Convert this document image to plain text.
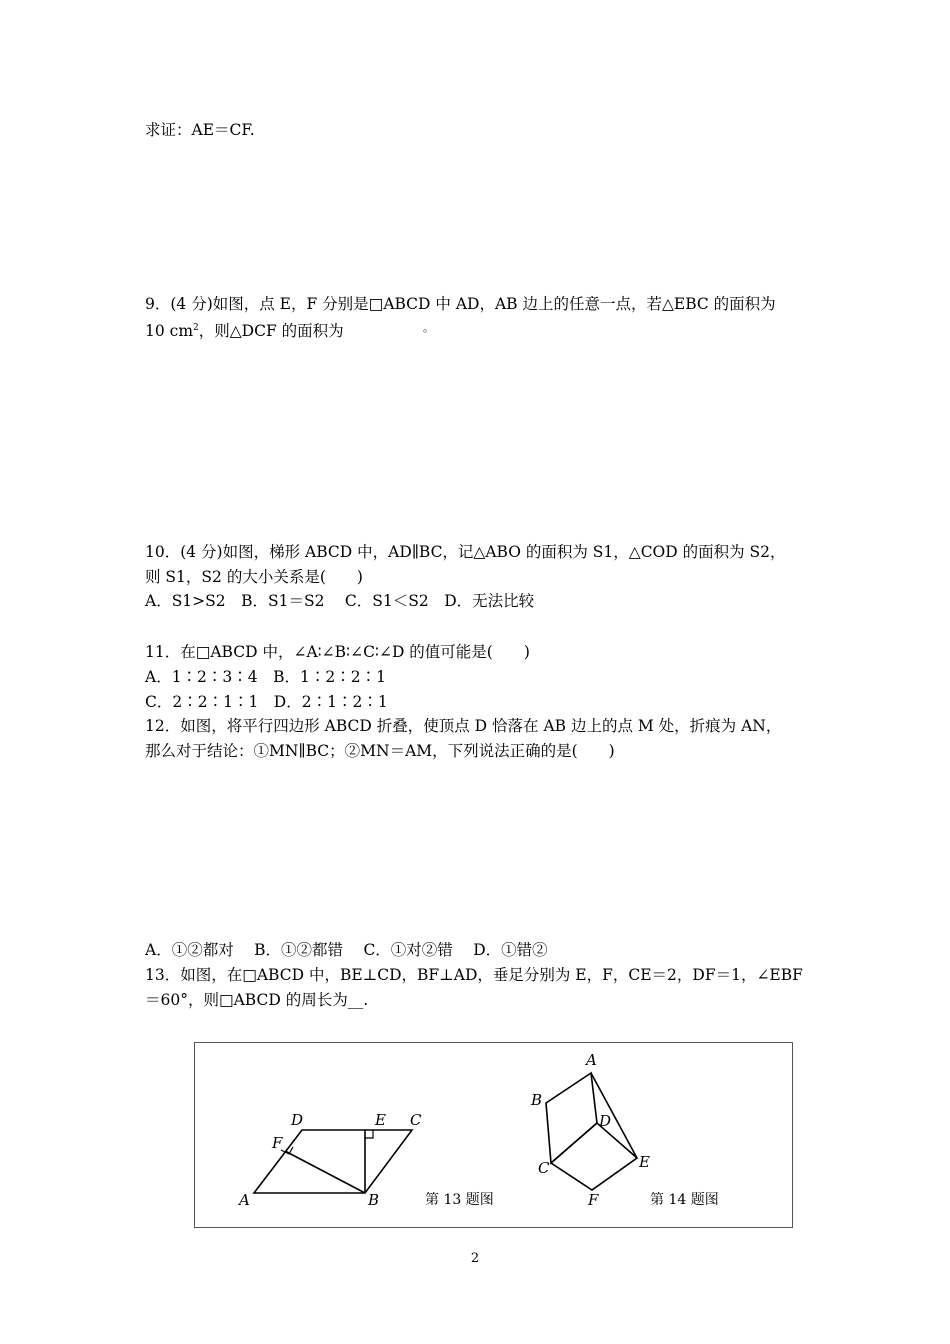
求证：AE＝CF.
9．(4 分)如图，点 E，F 分别是□ABCD 中 AD，AB 边上的任意一点，若△EBC 的面积为
10 $cm^2$，则△DCF 的面积为	。
10．(4 分)如图，梯形 ABCD 中，AD∥BC，记△ABO 的面积为 S1，△COD 的面积为 S2，
则 S1，S2 的大小关系是(　　)
A．S1>S2　B．S1＝S2　 C．S1＜S2　D．无法比较
11．在□ABCD 中，∠A∶∠B∶∠C∶∠D 的值可能是(　　)
A．1∶2∶3∶4　B．1∶2∶2∶1
C．2∶2∶1∶1　D．2∶1∶2∶1
12．如图，将平行四边形 ABCD 折叠，使顶点 D 恰落在 AB 边上的点 M 处，折痕为 AN，
那么对于结论：①MN∥BC；②MN＝AM，下列说法正确的是(　　)
A．①②都对　 B．①②都错　 C．①对②错　 D．①错②
13．如图，在□ABCD 中，BE⊥CD，BF⊥AD，垂足分别为 E，F，CE＝2，DF＝1，∠EBF
＝60°，则□ABCD 的周长为__.
A	B
C
D	E
F
第 13 题图
A
B
C
D
E
F	第 14 题图
2
